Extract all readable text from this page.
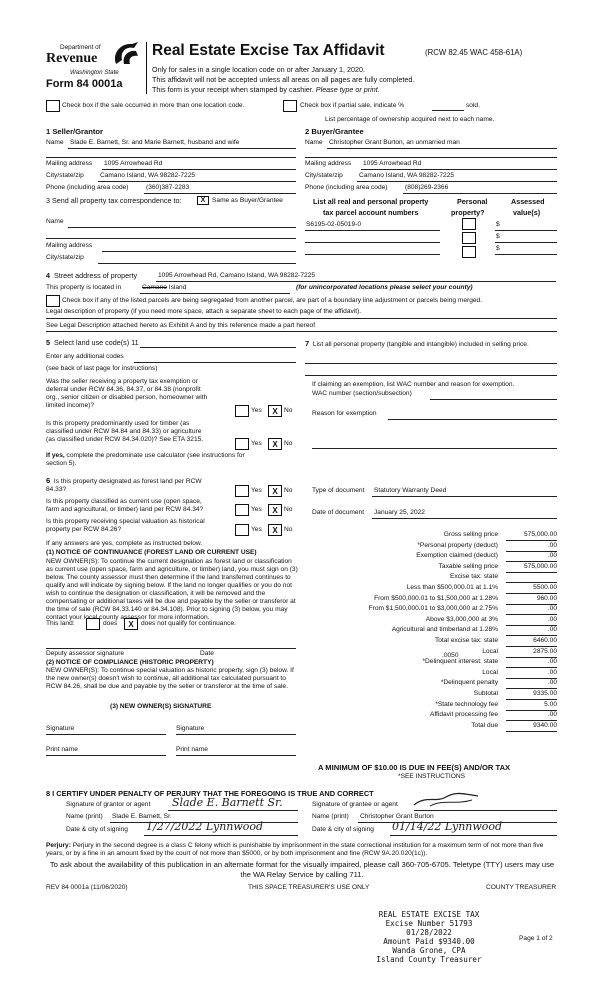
Department of
Revenue
Washington State
Form 84 0001a
Real Estate Excise Tax Affidavit	(RCW 82.45 WAC 458-61A)
Only for sales in a single location code on or after January 1, 2020.
This affidavit will not be accepted unless all areas on all pages are fully completed.
This form is your receipt when stamped by cashier. Please type or print.
Check box if the sale occurred in more than one location code.	Check box if partial sale, indicate %	sold.
List percentage of ownership acquired next to each name.
1 Seller/Grantor	2 Buyer/Grantee
Name Slade E. Barnett, Sr. and Marie Barnett, husband and wife	Name Christopher Grant Burton, an unmarried man
Mailing address 1095 Arrowhead Rd	Mailing address 1095 Arrowhead Rd
City/state/zip Camano Island, WA 98282-7225	City/state/zip Camano Island, WA 98282-7225
Phone (including area code)	(360)387-2283	Phone (including area code)	(808)269-2366
3 Send all property tax correspondence to:	X	Same as Buyer/Grantee	List all real and personal property
tax parcel account numbers
Personal
property?
Assessed
value(s)
Name
Mailing address
City/state/zip
S6195-02-05019-0	$
$
$
4 Street address of property	1095 Arrowhead Rd, Camano Island, WA 98282-7225
This property is located in	Camano Island	(for unincorporated locations please select your county)
Check box if any of the listed parcels are being segregated from another parcel, are part of a boundary line adjustment or parcels being merged.
Legal description of property (if you need more space, attach a separate sheet to each page of the affidavit).
See Legal Description attached hereto as Exhibit A and by this reference made a part hereof
5 Select land use code(s) 11
Enter any additional codes
(see back of last page for instructions)
Was the seller receiving a property tax exemption or
deferral under RCW 84.36, 84.37, or 84.38 (nonprofit
org., senior citizen or disabled person, homeowner with
limited income)?
Yes	X No
Is this property predominantly used for timber (as
classified under RCW 84.84 and 84.33) or agriculture
(as classified under RCW 84.34.020)? See ETA 3215.
Yes	X No
If yes, complete the predominate use calculator (see instructions for
section 5).
7 List all personal property (tangible and intangible) included in selling price.
If claiming an exemption, list WAC number and reason for exemption.
WAC number (section/subsection)
Reason for exemption
6 Is this property designated as forest land per RCW
84.33?	Yes	X No
Is this property classified as current use (open space,
farm and agricultural, or timber) land per RCW 84.34?	Yes	X No
Is this property receiving special valuation as historical
property per RCW 84.26?	Yes	X No
If any answers are yes, complete as instructed below.
(1) NOTICE OF CONTINUANCE (FOREST LAND OR CURRENT USE)
NEW OWNER(S): To continue the current designation as forest land or classification as current use (open space, farm and agriculture, or timber) land, you must sign on (3) below. The county assessor must then determine if the land transferred continues to qualify and will indicate by signing below. If the land no longer qualifies or you do not wish to continue the designation or classification, it will be removed and the compensating or additional taxes will be due and payable by the seller or transferor at the time of sale (RCW 84.33.140 or 84.34.108). Prior to signing (3) below, you may contact your local county assessor for more information.
This land:	does	X	does not qualify for continuance.
Deputy assessor signature	Date
(2) NOTICE OF COMPLIANCE (HISTORIC PROPERTY)
NEW OWNER(S): To continue special valuation as historic property, sign (3) below. If the new owner(s) doesn't wish to continue, all additional tax calculated pursuant to RCW 84.26, shall be due and payable by the seller or transferor at the time of sale.
(3) NEW OWNER(S) SIGNATURE
Signature	Signature
Print name	Print name
Type of document Statutory Warranty Deed
Date of document January 25, 2022
Gross selling price	575,000.00
*Personal property (deduct)	.00
Exemption claimed (deduct)	.00
Taxable selling price	575,000.00
Excise tax: state
Less than $500,000.01 at 1.1%	5500.00
From $500,000.01 to $1,500,000 at 1.28%	960.00
From $1,500,000.01 to $3,000,000 at 2.75%	.00
Above $3,000,000 at 3%	.00
Agricultural and timberland at 1.28%	.00
Total excise tax: state	6460.00
Local	2875.00
*Delinquent interest: state	.00
Local	.00
*Delinquent penalty	.00
Subtotal	9335.00
*State technology fee	5.00
Affidavit processing fee	.00
Total due	9340.00
.0050
A MINIMUM OF $10.00 IS DUE IN FEE(S) AND/OR TAX
*SEE INSTRUCTIONS
8 I CERTIFY UNDER PENALTY OF PERJURY THAT THE FOREGOING IS TRUE AND CORRECT
Signature of grantor or agent Slade E. Barnett Sr.
Name (print) Slade E. Barnett, Sr.
Date & city of signing 1/27/2022 Lynnwood
Signature of grantee or agent
Name (print) Christopher Grant Burton
Date & city of signing 01/14/22 Lynnwood
Perjury: Perjury in the second degree is a class C felony which is punishable by imprisonment in the state correctional institution for a maximum term of not more than five years, or by a fine in an amount fixed by the court of not more than $5000, or by both imprisonment and fine (RCW 9A.20.020(1c)).
To ask about the availability of this publication in an alternate format for the visually impaired, please call 360-705-6705. Teletype (TTY) users may use the WA Relay Service by calling 711.
REV 84 0001a (11/06/2020)	THIS SPACE TREASURER'S USE ONLY	COUNTY TREASURER
Page 1 of 2
REAL ESTATE EXCISE TAX
Excise Number 51793
01/28/2022
Amount Paid $9340.00
Wanda Grone, CPA
Island County Treasurer
